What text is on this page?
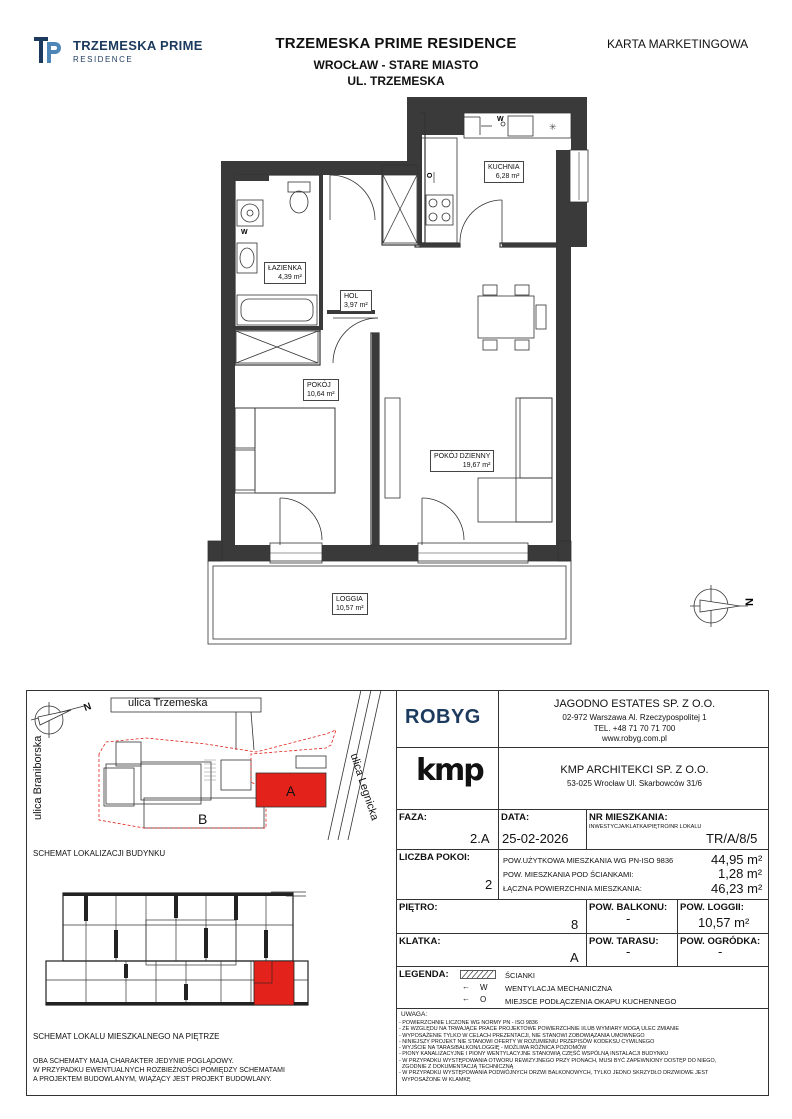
TRZEMESKA PRIME
RESIDENCE
TRZEMESKA PRIME RESIDENCE
WROCŁAW - STARE MIASTO
UL. TRZEMESKA
KARTA MARKETINGOWA
W
✳
O
W
N
KUCHNIA
6,28 m²
ŁAZIENKA
4,39 m²
HOL
3,97 m²
POKÓJ
10,64 m²
POKÓJ DZIENNY
19,67 m²
LOGGIA
10,57 m²
ulica Trzemeska
ulica Braniborska	ulica Legnicka
N
A
B
SCHEMAT LOKALIZACJI BUDYNKU
SCHEMAT LOKALU MIESZKALNEGO NA PIĘTRZE
OBA SCHEMATY MAJĄ CHARAKTER JEDYNIE POGLĄDOWY.
W PRZYPADKU EWENTUALNYCH ROZBIEŻNOŚCI POMIĘDZY SCHEMATAMI
A PROJEKTEM BUDOWLANYM, WIĄŻĄCY JEST PROJEKT BUDOWLANY.
ROBYG
JAGODNO ESTATES SP. Z O.O.
02-972 Warszawa Al. Rzeczypospolitej 1
TEL. +48 71 70 71 700
www.robyg.com.pl
kmp	KMP ARCHITEKCI SP. Z O.O.
53-025 Wrocław Ul. Skarbowców 31/6
FAZA:
2.A
DATA:
25-02-2026
NR MIESZKANIA:
INWESTYCJA/KLATKA/PIĘTRO/NR LOKALU
TR/A/8/5
LICZBA POKOI:
2
POW.UŻYTKOWA MIESZKANIA WG PN-ISO 9836	44,95 m²
POW. MIESZKANIA POD ŚCIANKAMI:	1,28 m²
ŁĄCZNA POWIERZCHNIA MIESZKANIA:	46,23 m²
PIĘTRO:
8
POW. BALKONU:
-
POW. LOGGII:
10,57 m²
KLATKA:
A
POW. TARASU:
-
POW. OGRÓDKA:
-
LEGENDA:	ŚCIANKI
← W WENTYLACJA MECHANICZNA
← O	MIEJSCE PODŁĄCZENIA OKAPU KUCHENNEGO
UWAGA:
- POWIERZCHNIE LICZONE WG NORMY PN - ISO 9836
- ZE WZGLĘDU NA TRWAJĄCE PRACE PROJEKTOWE POWIERZCHNIE I/LUB WYMIARY MOGĄ ULEC ZMIANIE
- WYPOSAŻENIE TYLKO W CELACH PREZENTACJI, NIE STANOWI ZOBOWIĄZANIA UMOWNEGO
- NINIEJSZY PROJEKT NIE STANOWI OFERTY W ROZUMIENIU PRZEPISÓW KODEKSU CYWILNEGO
- WYJŚCIE NA TARAS/BALKON/LOGGIĘ - MOŻLIWA RÓŻNICA POZIOMÓW
- PIONY KANALIZACYJNE I PIONY WENTYLACYJNE STANOWIĄ CZĘŚĆ WSPÓLNĄ INSTALACJI BUDYNKU
- W PRZYPADKU WYSTĘPOWANIA OTWORU REWIZYJNEGO PRZY PIONACH, MUSI BYĆ ZAPEWNIONY DOSTĘP DO NIEGO,
ZGODNIE Z DOKUMENTACJĄ TECHNICZNĄ
- W PRZYPADKU WYSTĘPOWANIA PODWÓJNYCH DRZWI BALKONOWYCH, TYLKO JEDNO SKRZYDŁO DRZWIOWE JEST
WYPOSAŻONE W KLAMKĘ
